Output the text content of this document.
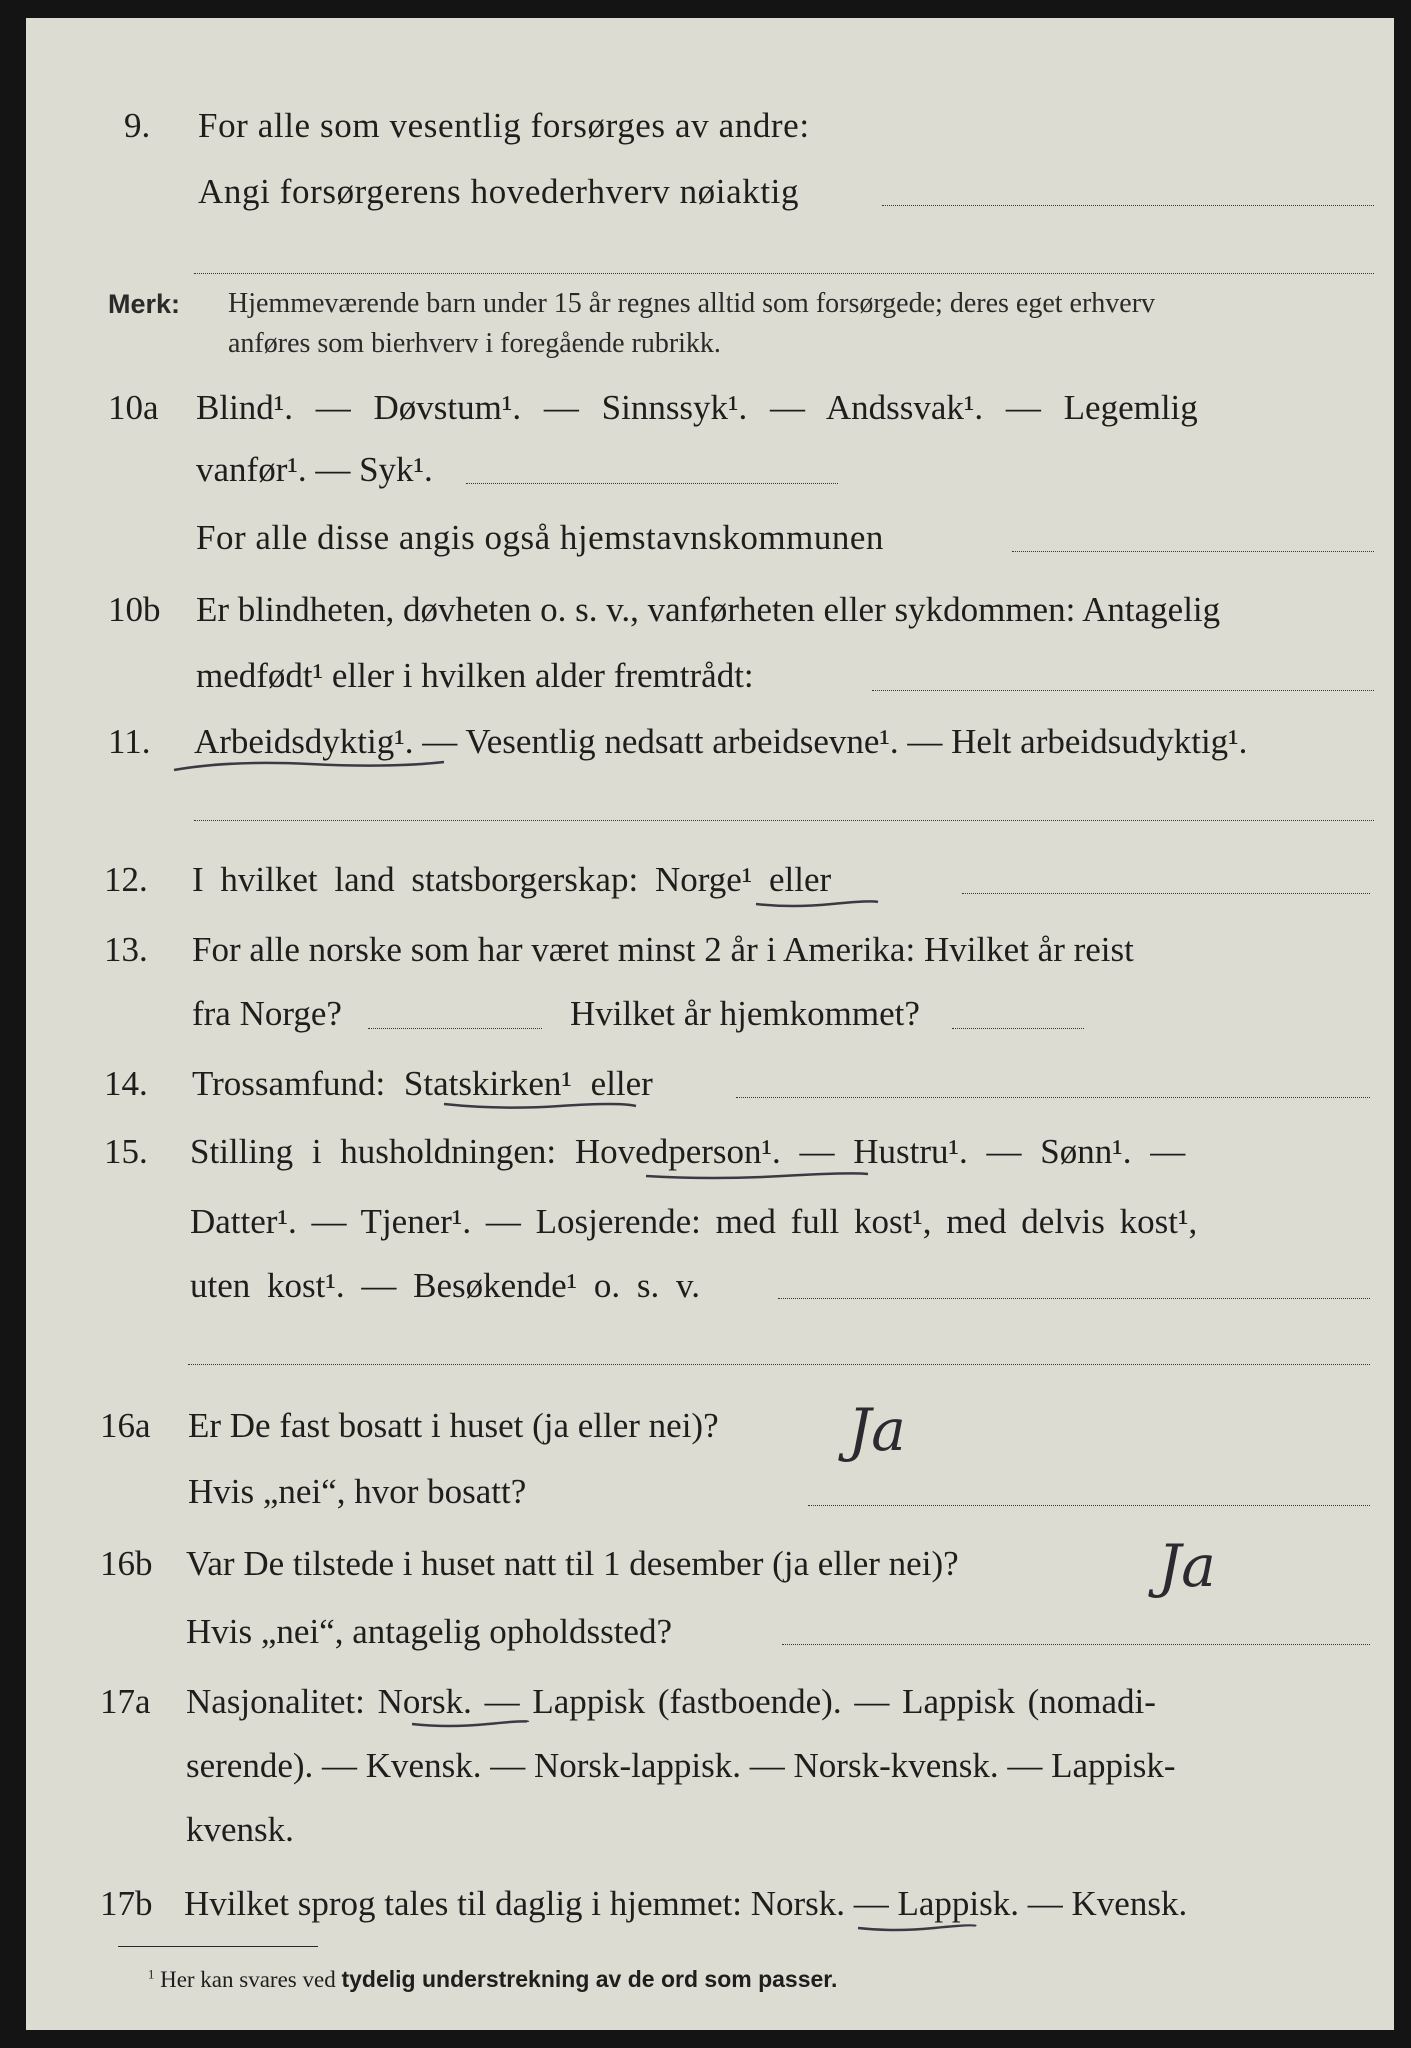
9. For alle som vesentlig forsørges av andre:
Angi forsørgerens hovederhverv nøiaktig
Merk: Hjemmeværende barn under 15 år regnes alltid som forsørgede; deres eget erhverv
anføres som bierhverv i foregående rubrikk.
10a Blind¹. — Døvstum¹. — Sinnssyk¹. — Andssvak¹. — Legemlig
vanfør¹. — Syk¹.
For alle disse angis også hjemstavnskommunen
10b Er blindheten, døvheten o. s. v., vanførheten eller sykdommen: Antagelig
medfødt¹ eller i hvilken alder fremtrådt:
11. Arbeidsdyktig¹. — Vesentlig nedsatt arbeidsevne¹. — Helt arbeidsudyktig¹.
12. I hvilket land statsborgerskap: Norge¹ eller
13. For alle norske som har været minst 2 år i Amerika: Hvilket år reist
fra Norge?	Hvilket år hjemkommet?
14. Trossamfund: Statskirken¹ eller
15. Stilling i husholdningen: Hovedperson¹. — Hustru¹. — Sønn¹. —
Datter¹. — Tjener¹. — Losjerende: med full kost¹, med delvis kost¹,
uten kost¹. — Besøkende¹ o. s. v.
16a Er De fast bosatt i huset (ja eller nei)? Ja
Hvis „nei“, hvor bosatt?
16b Var De tilstede i huset natt til 1 desember (ja eller nei)?	Ja
Hvis „nei“, antagelig opholdssted?
17a Nasjonalitet: Norsk. — Lappisk (fastboende). — Lappisk (nomadi-
serende). — Kvensk. — Norsk-lappisk. — Norsk-kvensk. — Lappisk-
kvensk.
17b Hvilket sprog tales til daglig i hjemmet: Norsk. — Lappisk. — Kvensk.
$^1$ Her kan svares ved tydelig understrekning av de ord som passer.
